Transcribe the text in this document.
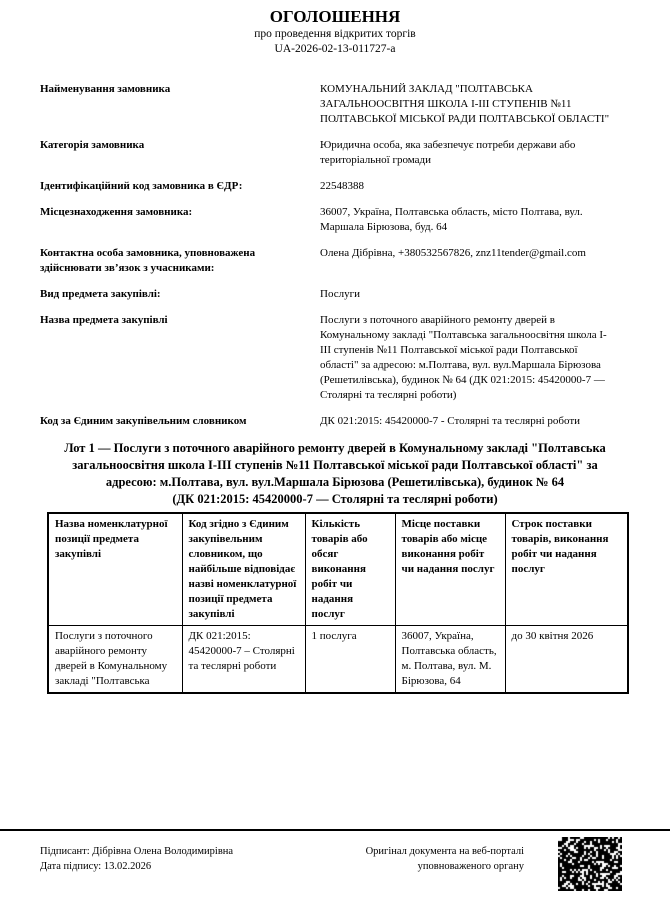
ОГОЛОШЕННЯ
про проведення відкритих торгів
UA-2026-02-13-011727-a
Найменування замовника	КОМУНАЛЬНИЙ ЗАКЛАД "ПОЛТАВСЬКА ЗАГАЛЬНООСВІТНЯ ШКОЛА І-ІІІ СТУПЕНІВ №11 ПОЛТАВСЬКОЇ МІСЬКОЇ РАДИ ПОЛТАВСЬКОЇ ОБЛАСТІ"
Категорія замовника	Юридична особа, яка забезпечує потреби держави або територіальної громади
Ідентифікаційний код замовника в ЄДР:	22548388
Місцезнаходження замовника:	36007, Україна, Полтавська область, місто Полтава, вул. Маршала Бірюзова, буд. 64
Контактна особа замовника, уповноважена здійснювати зв’язок з учасниками:
Олена Дібрівна, +380532567826, znz11tender@gmail.com
Вид предмета закупівлі:	Послуги
Назва предмета закупівлі	Послуги з поточного аварійного ремонту дверей в Комунальному закладі "Полтавська загальноосвітня школа І-ІІІ ступенів №11 Полтавської міської ради Полтавської області" за адресою: м.Полтава, вул. вул.Маршала Бірюзова (Решетилівська), будинок № 64 (ДК 021:2015: 45420000-7 — Столярні та теслярні роботи)
Код за Єдиним закупівельним словником	ДК 021:2015: 45420000-7 - Столярні та теслярні роботи
Лот 1 — Послуги з поточного аварійного ремонту дверей в Комунальному закладі "Полтавська загальноосвітня школа І-ІІІ ступенів №11 Полтавської міської ради Полтавської області" за адресою: м.Полтава, вул. вул.Маршала Бірюзова (Решетилівська), будинок № 64
(ДК 021:2015: 45420000-7 — Столярні та теслярні роботи)
Назва номенклатурної позиції предмета закупівлі	Код згідно з Єдиним закупівельним словником, що найбільше відповідає назві номенклатурної позиції предмета закупівлі	Кількість товарів або обсяг виконання робіт чи надання послуг	Місце поставки товарів або місце виконання робіт чи надання послуг	Строк поставки товарів, виконання робіт чи надання послуг
Послуги з поточного аварійного ремонту дверей в Комунальному закладі "Полтавська	ДК 021:2015: 45420000-7 – Столярні та теслярні роботи	1 послуга	36007, Україна, Полтавська область, м. Полтава, вул. М. Бірюзова, 64	до 30 квітня 2026
Підписант: Дібрівна Олена Володимирівна
Дата підпису: 13.02.2026
Оригінал документа на веб-порталі уповноваженого органу
